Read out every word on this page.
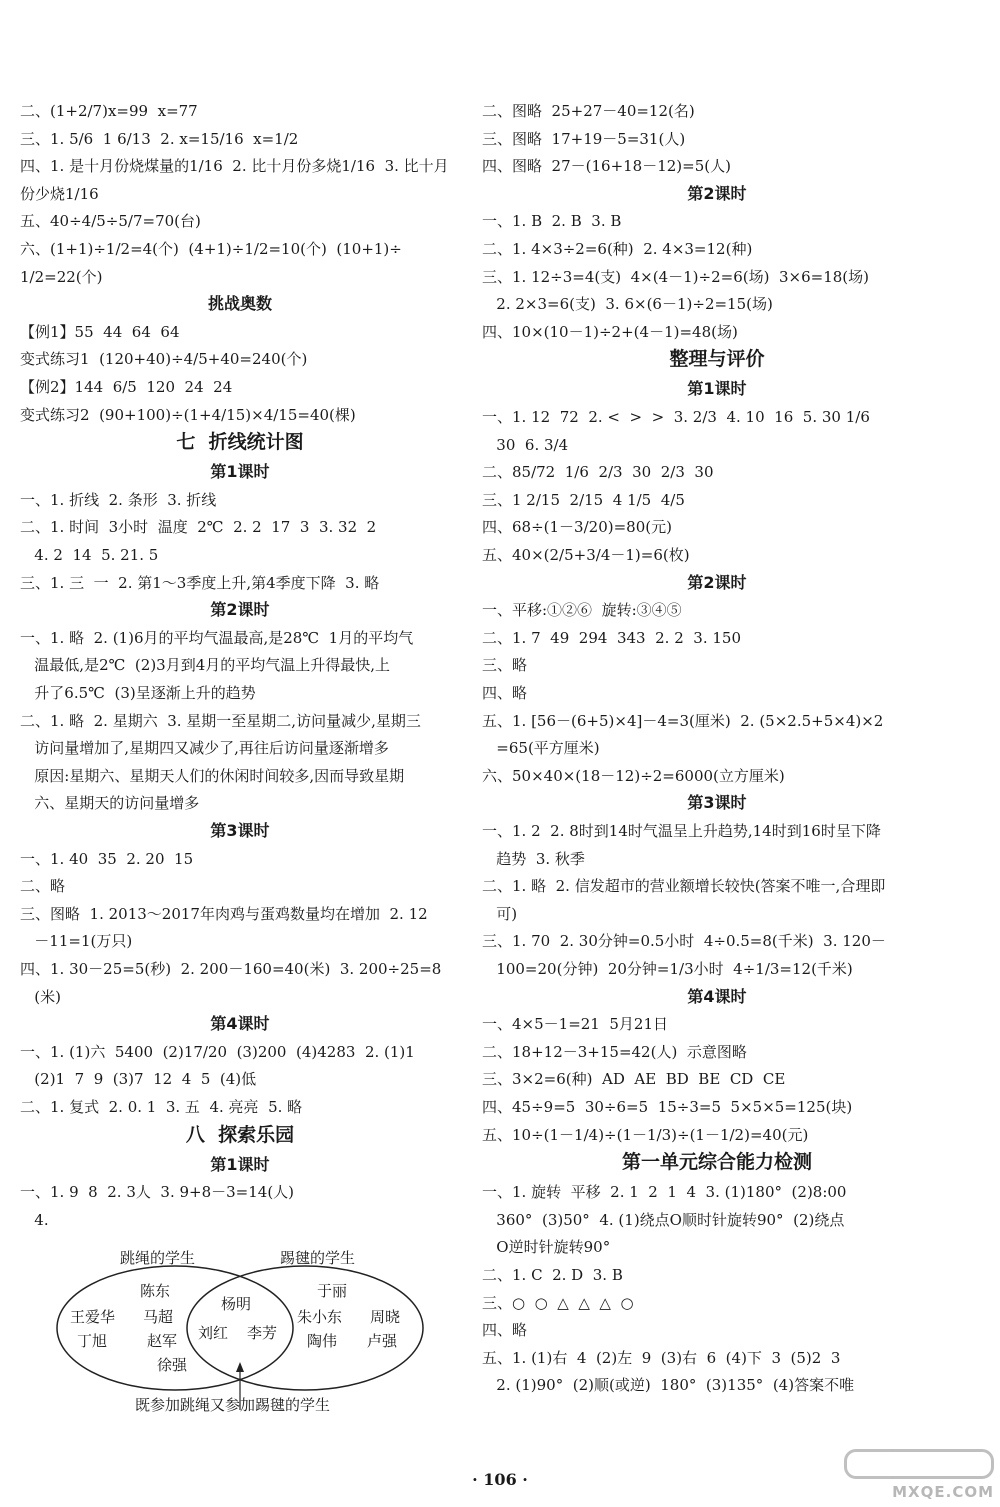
二、(1+2/7)x=99  x=77
三、1. 5/6  1 6/13  2. x=15/16  x=1/2
四、1. 是十月份烧煤量的1/16  2. 比十月份多烧1/16  3. 比十月
份少烧1/16
五、40÷4/5÷5/7=70(台)
六、(1+1)÷1/2=4(个)  (4+1)÷1/2=10(个)  (10+1)÷
1/2=22(个)
挑战奥数
【例1】55  44  64  64
变式练习1  (120+40)÷4/5+40=240(个)
【例2】144  6/5  120  24  24
变式练习2  (90+100)÷(1+4/15)×4/15=40(棵)
七  折线统计图
第1课时
一、1. 折线  2. 条形  3. 折线
二、1. 时间  3小时  温度  2℃  2. 2  17  3  3. 32  2
4. 2  14  5. 21. 5
三、1. 三  一  2. 第1～3季度上升,第4季度下降  3. 略
第2课时
一、1. 略  2. (1)6月的平均气温最高,是28℃  1月的平均气
温最低,是2℃  (2)3月到4月的平均气温上升得最快,上
升了6.5℃  (3)呈逐渐上升的趋势
二、1. 略  2. 星期六  3. 星期一至星期二,访问量减少,星期三
访问量增加了,星期四又减少了,再往后访问量逐渐增多
原因:星期六、星期天人们的休闲时间较多,因而导致星期
六、星期天的访问量增多
第3课时
一、1. 40  35  2. 20  15
二、略
三、图略  1. 2013～2017年肉鸡与蛋鸡数量均在增加  2. 12
－11=1(万只)
四、1. 30－25=5(秒)  2. 200－160=40(米)  3. 200÷25=8
(米)
第4课时
一、1. (1)六  5400  (2)17/20  (3)200  (4)4283  2. (1)1
(2)1  7  9  (3)7  12  4  5  (4)低
二、1. 复式  2. 0. 1  3. 五  4. 亮亮  5. 略
八  探索乐园
第1课时
一、1. 9  8  2. 3人  3. 9+8－3=14(人)
4.
二、图略  25+27－40=12(名)
三、图略  17+19－5=31(人)
四、图略  27－(16+18－12)=5(人)
第2课时
一、1. B  2. B  3. B
二、1. 4×3÷2=6(种)  2. 4×3=12(种)
三、1. 12÷3=4(支)  4×(4－1)÷2=6(场)  3×6=18(场)
2. 2×3=6(支)  3. 6×(6－1)÷2=15(场)
四、10×(10－1)÷2+(4－1)=48(场)
整理与评价
第1课时
一、1. 12  72  2. <  >  >  3. 2/3  4. 10  16  5. 30 1/6
30  6. 3/4
二、85/72  1/6  2/3  30  2/3  30
三、1 2/15  2/15  4 1/5  4/5
四、68÷(1－3/20)=80(元)
五、40×(2/5+3/4－1)=6(枚)
第2课时
一、平移:①②⑥  旋转:③④⑤
二、1. 7  49  294  343  2. 2  3. 150
三、略
四、略
五、1. [56－(6+5)×4]－4=3(厘米)  2. (5×2.5+5×4)×2
=65(平方厘米)
六、50×40×(18－12)÷2=6000(立方厘米)
第3课时
一、1. 2  2. 8时到14时气温呈上升趋势,14时到16时呈下降
趋势  3. 秋季
二、1. 略  2. 信发超市的营业额增长较快(答案不唯一,合理即
可)
三、1. 70  2. 30分钟=0.5小时  4÷0.5=8(千米)  3. 120－
100=20(分钟)  20分钟=1/3小时  4÷1/3=12(千米)
第4课时
一、4×5－1=21  5月21日
二、18+12－3+15=42(人)  示意图略
三、3×2=6(种)  AD  AE  BD  BE  CD  CE
四、45÷9=5  30÷6=5  15÷3=5  5×5×5=125(块)
五、10÷(1－1/4)÷(1－1/3)÷(1－1/2)=40(元)
第一单元综合能力检测
一、1. 旋转  平移  2. 1  2  1  4  3. (1)180°  (2)8:00
360°  (3)50°  4. (1)绕点O顺时针旋转90°  (2)绕点
O逆时针旋转90°
二、1. C  2. D  3. B
三、○  ○  △  △  △  ○
四、略
五、1. (1)右  4  (2)左  9  (3)右  6  (4)下  3  (5)2  3
2. (1)90°  (2)顺(或逆)  180°  (3)135°  (4)答案不唯
跳绳的学生	踢毽的学生
陈东
王爱华 马超
丁旭	赵军
徐强
杨明
刘红 李芳
于丽
朱小东 周晓
陶伟 卢强
既参加跳绳又参加踢毽的学生
· 106 ·
MXQE.COM
